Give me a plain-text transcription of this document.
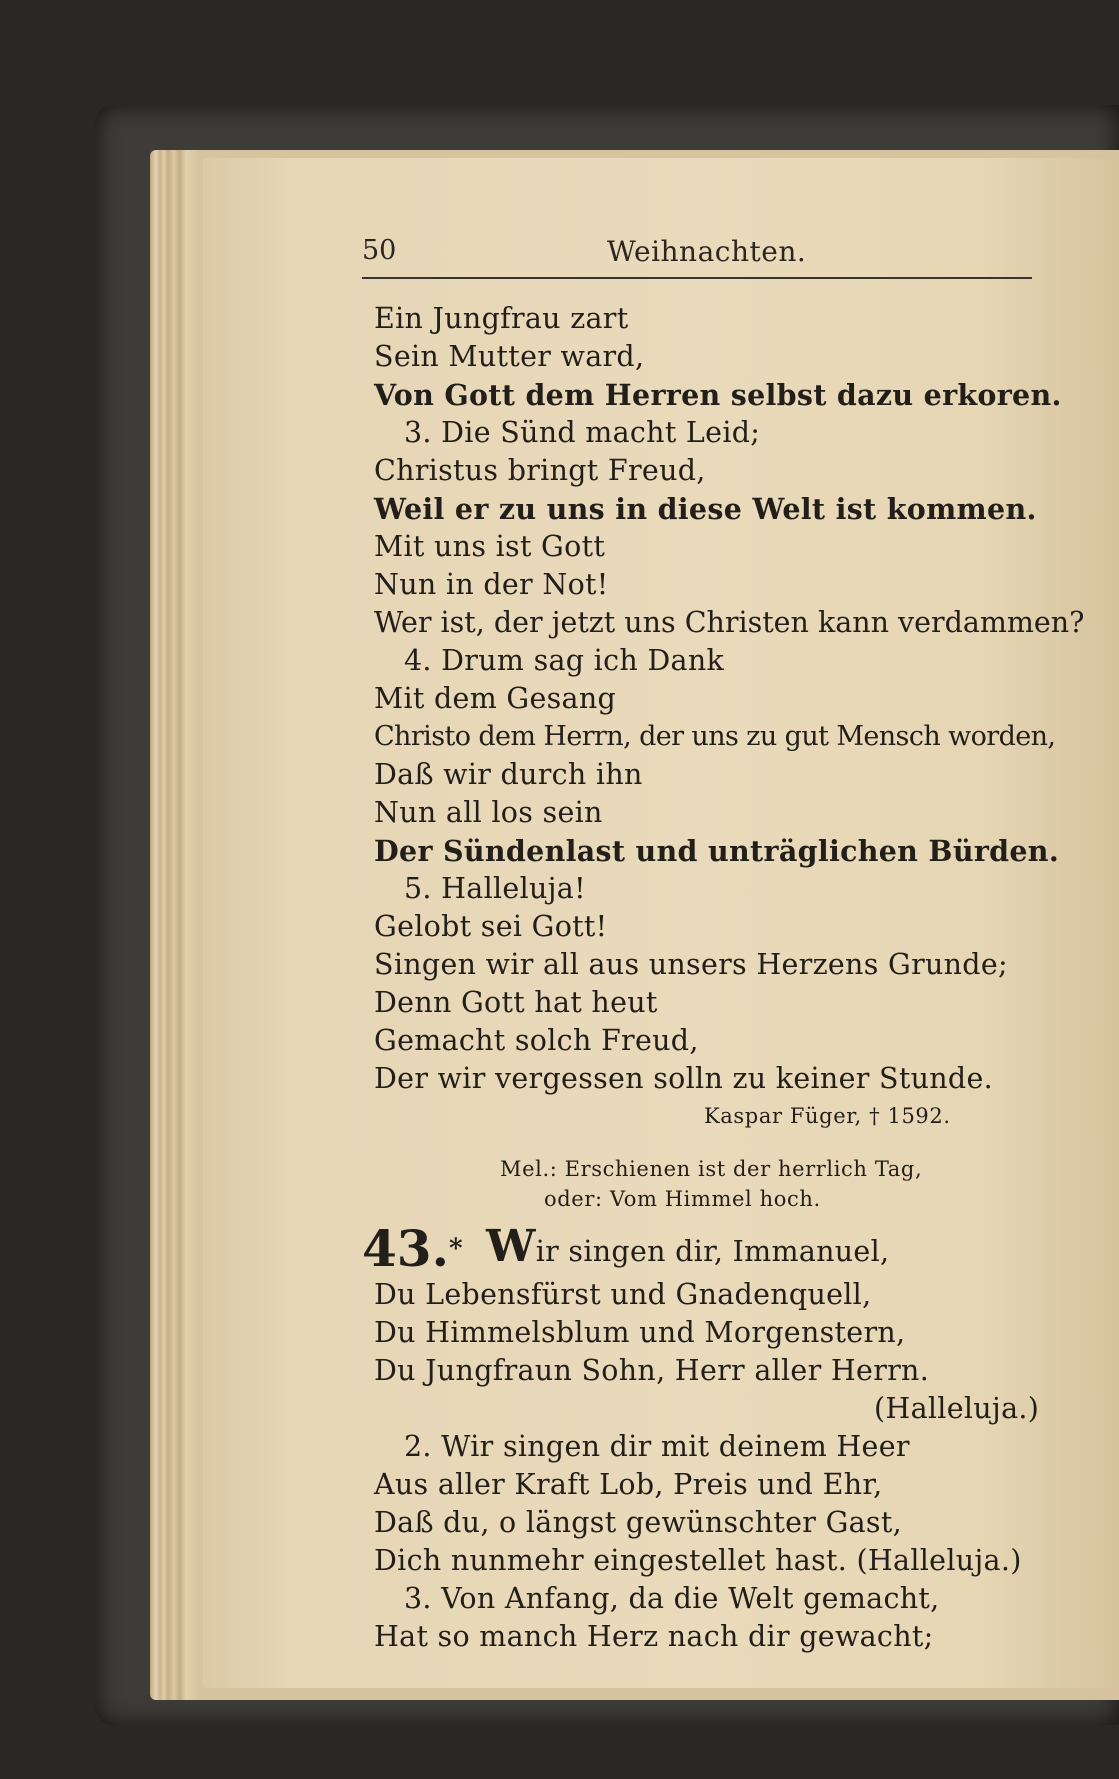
50	Weihnachten.
Ein Jungfrau zart
Sein Mutter ward,
Von Gott dem Herren selbst dazu erkoren.
3. Die Sünd macht Leid;
Christus bringt Freud,
Weil er zu uns in diese Welt ist kommen.
Mit uns ist Gott
Nun in der Not!
Wer ist, der jetzt uns Christen kann verdammen?
4. Drum sag ich Dank
Mit dem Gesang
Christo dem Herrn, der uns zu gut Mensch worden,
Daß wir durch ihn
Nun all los sein
Der Sündenlast und unträglichen Bürden.
5. Halleluja!
Gelobt sei Gott!
Singen wir all aus unsers Herzens Grunde;
Denn Gott hat heut
Gemacht solch Freud,
Der wir vergessen solln zu keiner Stunde.
Kaspar Füger, † 1592.
Mel.: Erschienen ist der herrlich Tag,
oder: Vom Himmel hoch.
43.* Wir singen dir, Immanuel,
Du Lebensfürst und Gnadenquell,
Du Himmelsblum und Morgenstern,
Du Jungfraun Sohn, Herr aller Herrn.
(Halleluja.)
2. Wir singen dir mit deinem Heer
Aus aller Kraft Lob, Preis und Ehr,
Daß du, o längst gewünschter Gast,
Dich nunmehr eingestellet hast. (Halleluja.)
3. Von Anfang, da die Welt gemacht,
Hat so manch Herz nach dir gewacht;
